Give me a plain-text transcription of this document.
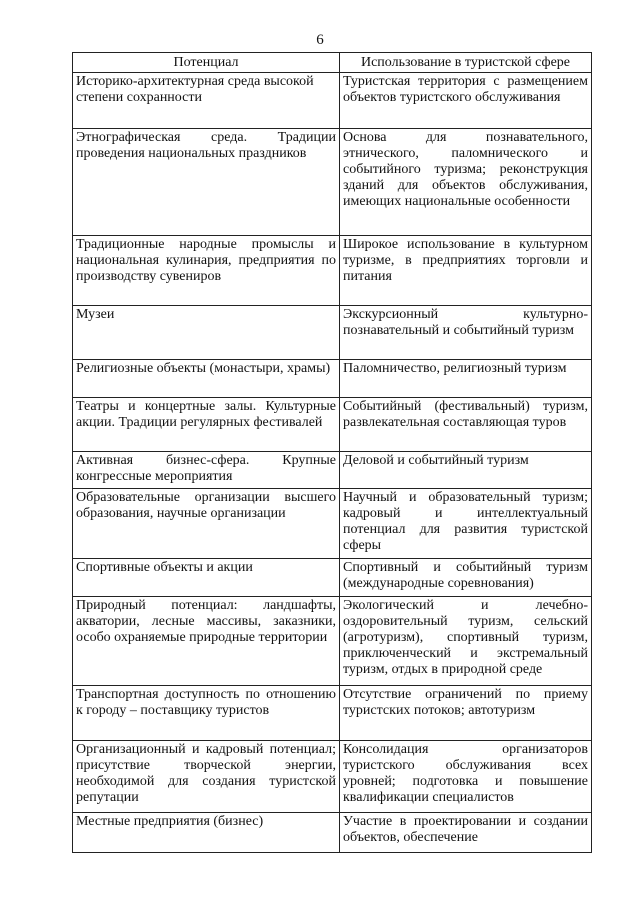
6
Потенциал	Использование в туристской сфере
Историко-архитектурная среда высокой степени сохранности	Туристская территория с размещением объектов туристского обслуживания
Этнографическая среда. Традиции проведения национальных праздников	Основа для познавательного, этнического, паломнического и событийного туризма; реконструкция зданий для объектов обслуживания, имеющих национальные особенности
Традиционные народные промыслы и национальная кулинария, предприятия по производству сувениров	Широкое использование в культурном туризме, в предприятиях торговли и питания
Музеи	Экскурсионный культурно-познавательный и событийный туризм
Религиозные объекты (монастыри, храмы)	Паломничество, религиозный туризм
Театры и концертные залы. Культурные акции. Традиции регулярных фестивалей	Событийный (фестивальный) туризм, развлекательная составляющая туров
Активная бизнес-сфера. Крупные конгрессные мероприятия	Деловой и событийный туризм
Образовательные организации высшего образования, научные организации	Научный и образовательный туризм; кадровый и интеллектуальный потенциал для развития туристской сферы
Спортивные объекты и акции	Спортивный и событийный туризм (международные соревнования)
Природный потенциал: ландшафты, акватории, лесные массивы, заказники, особо охраняемые природные территории	Экологический и лечебно-оздоровительный туризм, сельский (агротуризм), спортивный туризм, приключенческий и экстремальный туризм, отдых в природной среде
Транспортная доступность по отношению к городу – поставщику туристов	Отсутствие ограничений по приему туристских потоков; автотуризм
Организационный и кадровый потенциал; присутствие творческой энергии, необходимой для создания туристской репутации	Консолидация организаторов туристского обслуживания всех уровней; подготовка и повышение квалификации специалистов
Местные предприятия (бизнес)	Участие в проектировании и создании объектов, обеспечение
